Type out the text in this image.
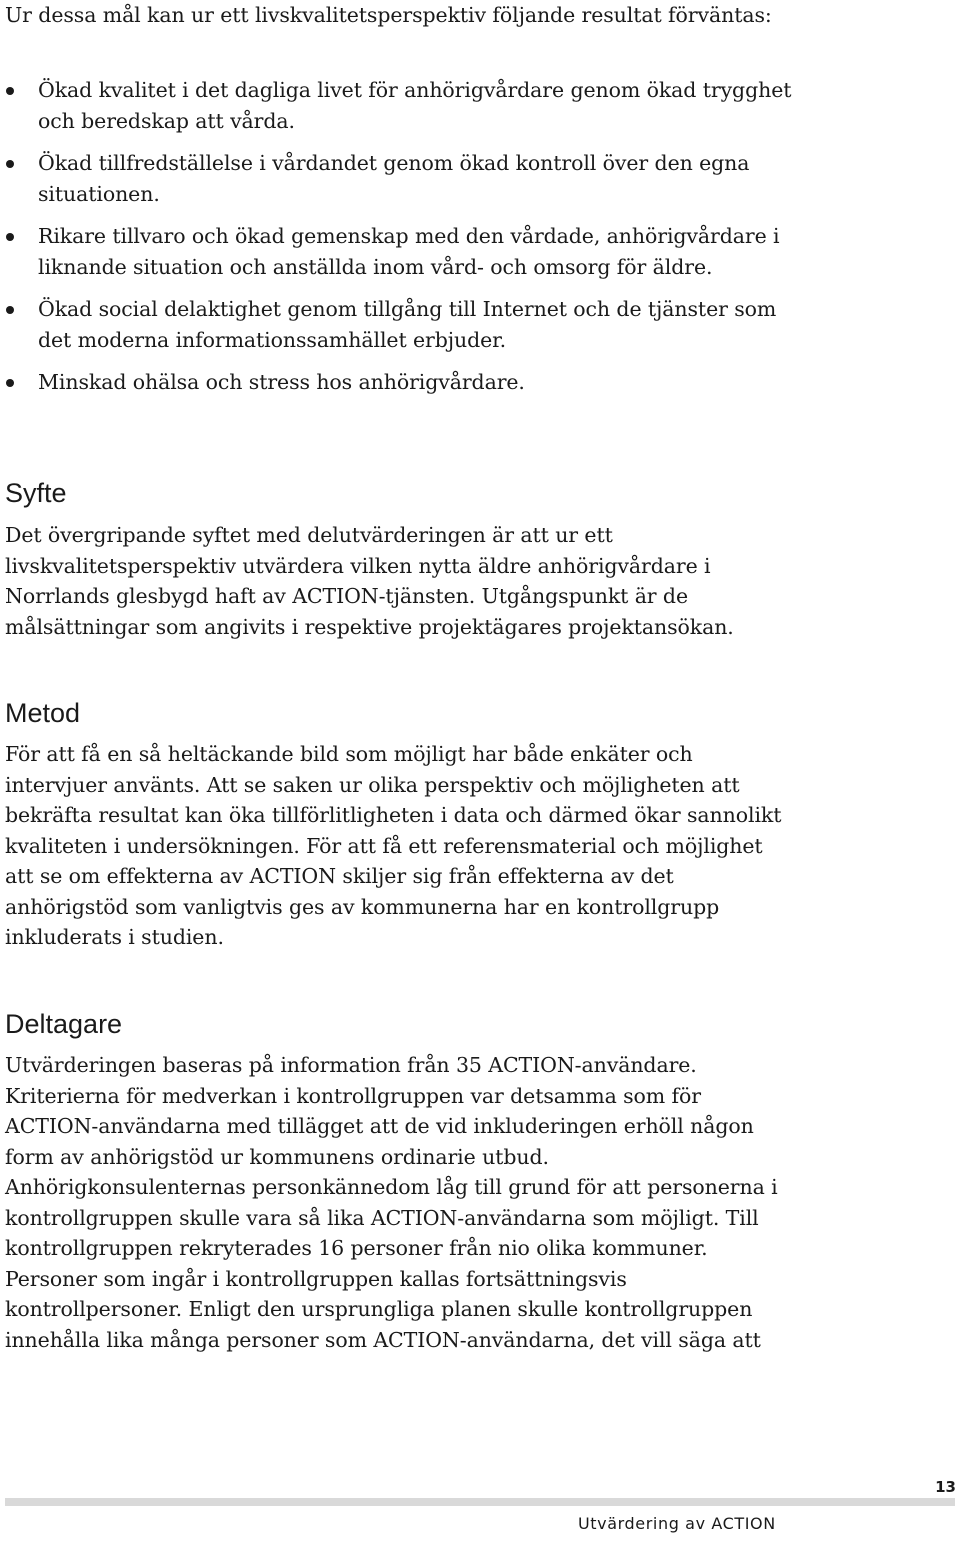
Ur dessa mål kan ur ett livskvalitetsperspektiv följande resultat förväntas:

Ökad kvalitet i det dagliga livet för anhörigvårdare genom ökad trygghet och beredskap att vårda.
Ökad tillfredställelse i vårdandet genom ökad kontroll över den egna situationen.
Rikare tillvaro och ökad gemenskap med den vårdade, anhörigvårdare i liknande situation och anställda inom vård- och omsorg för äldre.
Ökad social delaktighet genom tillgång till Internet och de tjänster som det moderna informationssamhället erbjuder.
Minskad ohälsa och stress hos anhörigvårdare.
Syfte

Det övergripande syftet med delutvärderingen är att ur ett livskvalitetsperspektiv utvärdera vilken nytta äldre anhörigvårdare i Norrlands glesbygd haft av ACTION-tjänsten. Utgångspunkt är de målsättningar som angivits i respektive projektägares projektansökan.

Metod

För att få en så heltäckande bild som möjligt har både enkäter och intervjuer använts. Att se saken ur olika perspektiv och möjligheten att bekräfta resultat kan öka tillförlitligheten i data och därmed ökar sannolikt kvaliteten i undersökningen. För att få ett referensmaterial och möjlighet att se om effekterna av ACTION skiljer sig från effekterna av det anhörigstöd som vanligtvis ges av kommunerna har en kontrollgrupp inkluderats i studien.

Deltagare

Utvärderingen baseras på information från 35 ACTION-användare. Kriterierna för medverkan i kontrollgruppen var detsamma som för ACTION-användarna med tillägget att de vid inkluderingen erhöll någon form av anhörigstöd ur kommunens ordinarie utbud. Anhörigkonsulenternas personkännedom låg till grund för att personerna i kontrollgruppen skulle vara så lika ACTION-användarna som möjligt. Till kontrollgruppen rekryterades 16 personer från nio olika kommuner. Personer som ingår i kontrollgruppen kallas fortsättningsvis kontrollpersoner. Enligt den ursprungliga planen skulle kontrollgruppen innehålla lika många personer som ACTION-användarna, det vill säga att

13
Utvärdering av ACTION
